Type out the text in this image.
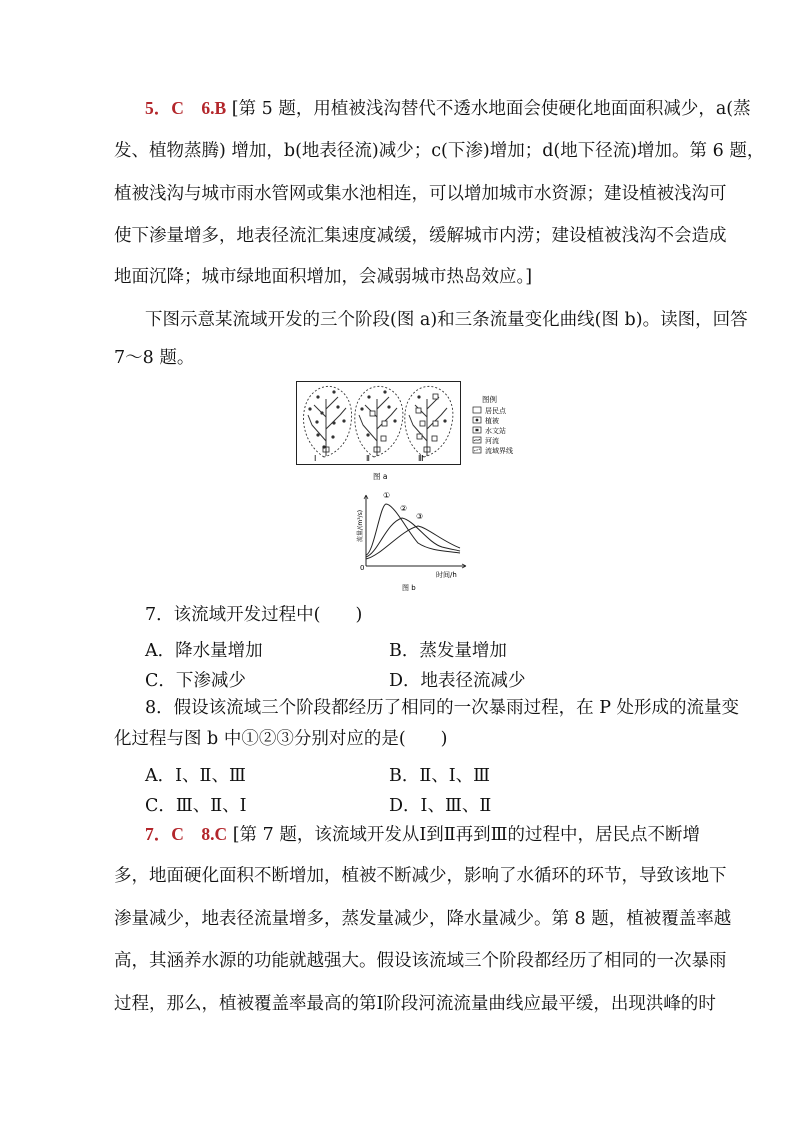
5．C　6.B [第 5 题，用植被浅沟替代不透水地面会使硬化地面面积减少，a(蒸
发、植物蒸腾) 增加，b(地表径流)减少；c(下渗)增加；d(地下径流)增加。第 6 题，
植被浅沟与城市雨水管网或集水池相连，可以增加城市水资源；建设植被浅沟可
使下渗量增多，地表径流汇集速度减缓，缓解城市内涝；建设植被浅沟不会造成
地面沉降；城市绿地面积增加，会减弱城市热岛效应。]
下图示意某流域开发的三个阶段(图 a)和三条流量变化曲线(图 b)。读图，回答
7～8 题。
Ⅰ	Ⅱ	Ⅲ
图例
居民点
植被
水文站
河流
流域界线
图 a
①
②
③
流量/(m³/s)
0
时间/h
图 b
7．该流域开发过程中(　　)
A．降水量增加	B．蒸发量增加
C．下渗减少	D．地表径流减少
8．假设该流域三个阶段都经历了相同的一次暴雨过程，在 P 处形成的流量变
化过程与图 b 中①②③分别对应的是(　　)
A．Ⅰ、Ⅱ、Ⅲ	B．Ⅱ、Ⅰ、Ⅲ
C．Ⅲ、Ⅱ、Ⅰ	D．Ⅰ、Ⅲ、Ⅱ
7．C　8.C [第 7 题，该流域开发从Ⅰ到Ⅱ再到Ⅲ的过程中，居民点不断增
多，地面硬化面积不断增加，植被不断减少，影响了水循环的环节，导致该地下
渗量减少，地表径流量增多，蒸发量减少，降水量减少。第 8 题，植被覆盖率越
高，其涵养水源的功能就越强大。假设该流域三个阶段都经历了相同的一次暴雨
过程，那么，植被覆盖率最高的第Ⅰ阶段河流流量曲线应最平缓，出现洪峰的时
